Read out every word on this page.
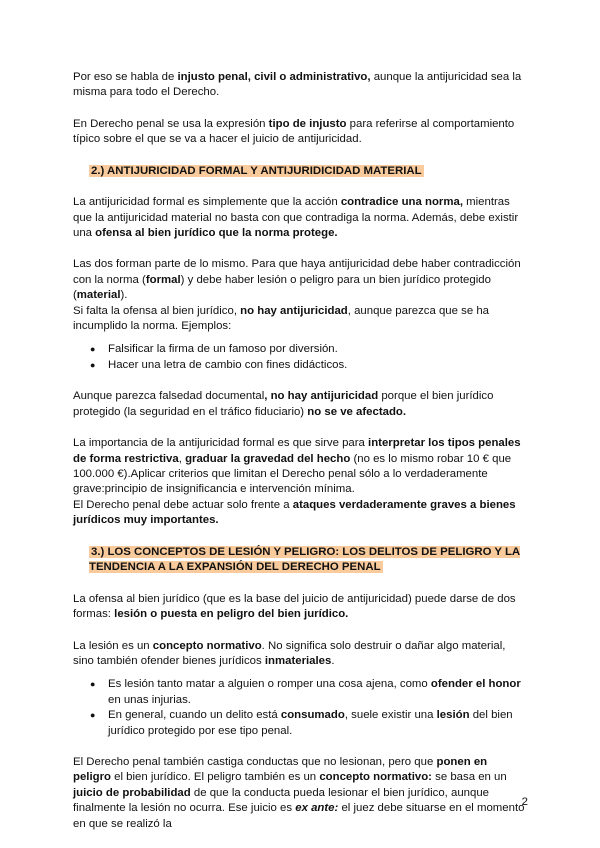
Por eso se habla de injusto penal, civil o administrativo, aunque la antijuricidad sea la misma para todo el Derecho.

En Derecho penal se usa la expresión tipo de injusto para referirse al comportamiento típico sobre el que se va a hacer el juicio de antijuricidad.

2.) ANTIJURICIDAD FORMAL Y ANTIJURIDICIDAD MATERIAL

La antijuricidad formal es simplemente que la acción contradice una norma, mientras que la antijuricidad material no basta con que contradiga la norma. Además, debe existir una ofensa al bien jurídico que la norma protege.

Las dos forman parte de lo mismo. Para que haya antijuricidad debe haber contradicción con la norma (formal) y debe haber lesión o peligro para un bien jurídico protegido (material).

Si falta la ofensa al bien jurídico, no hay antijuricidad, aunque parezca que se ha incumplido la norma. Ejemplos:

● Falsificar la firma de un famoso por diversión.
● Hacer una letra de cambio con fines didácticos.

Aunque parezca falsedad documental, no hay antijuricidad porque el bien jurídico protegido (la seguridad en el tráfico fiduciario) no se ve afectado.

La importancia de la antijuricidad formal es que sirve para interpretar los tipos penales de forma restrictiva, graduar la gravedad del hecho (no es lo mismo robar 10 € que 100.000 €).Aplicar criterios que limitan el Derecho penal sólo a lo verdaderamente grave:principio de insignificancia e intervención mínima.

El Derecho penal debe actuar solo frente a ataques verdaderamente graves a bienes jurídicos muy importantes.

3.) LOS CONCEPTOS DE LESIÓN Y PELIGRO: LOS DELITOS DE PELIGRO Y LA TENDENCIA A LA EXPANSIÓN DEL DERECHO PENAL

La ofensa al bien jurídico (que es la base del juicio de antijuricidad) puede darse de dos formas: lesión o puesta en peligro del bien jurídico.

La lesión es un concepto normativo. No significa solo destruir o dañar algo material, sino también ofender bienes jurídicos inmateriales.

● Es lesión tanto matar a alguien o romper una cosa ajena, como ofender el honor en unas injurias.
● En general, cuando un delito está consumado, suele existir una lesión del bien jurídico protegido por ese tipo penal.

El Derecho penal también castiga conductas que no lesionan, pero que ponen en peligro el bien jurídico. El peligro también es un concepto normativo: se basa en un juicio de probabilidad de que la conducta pueda lesionar el bien jurídico, aunque finalmente la lesión no ocurra. Ese juicio es ex ante: el juez debe situarse en el momento en que se realizó la

2
